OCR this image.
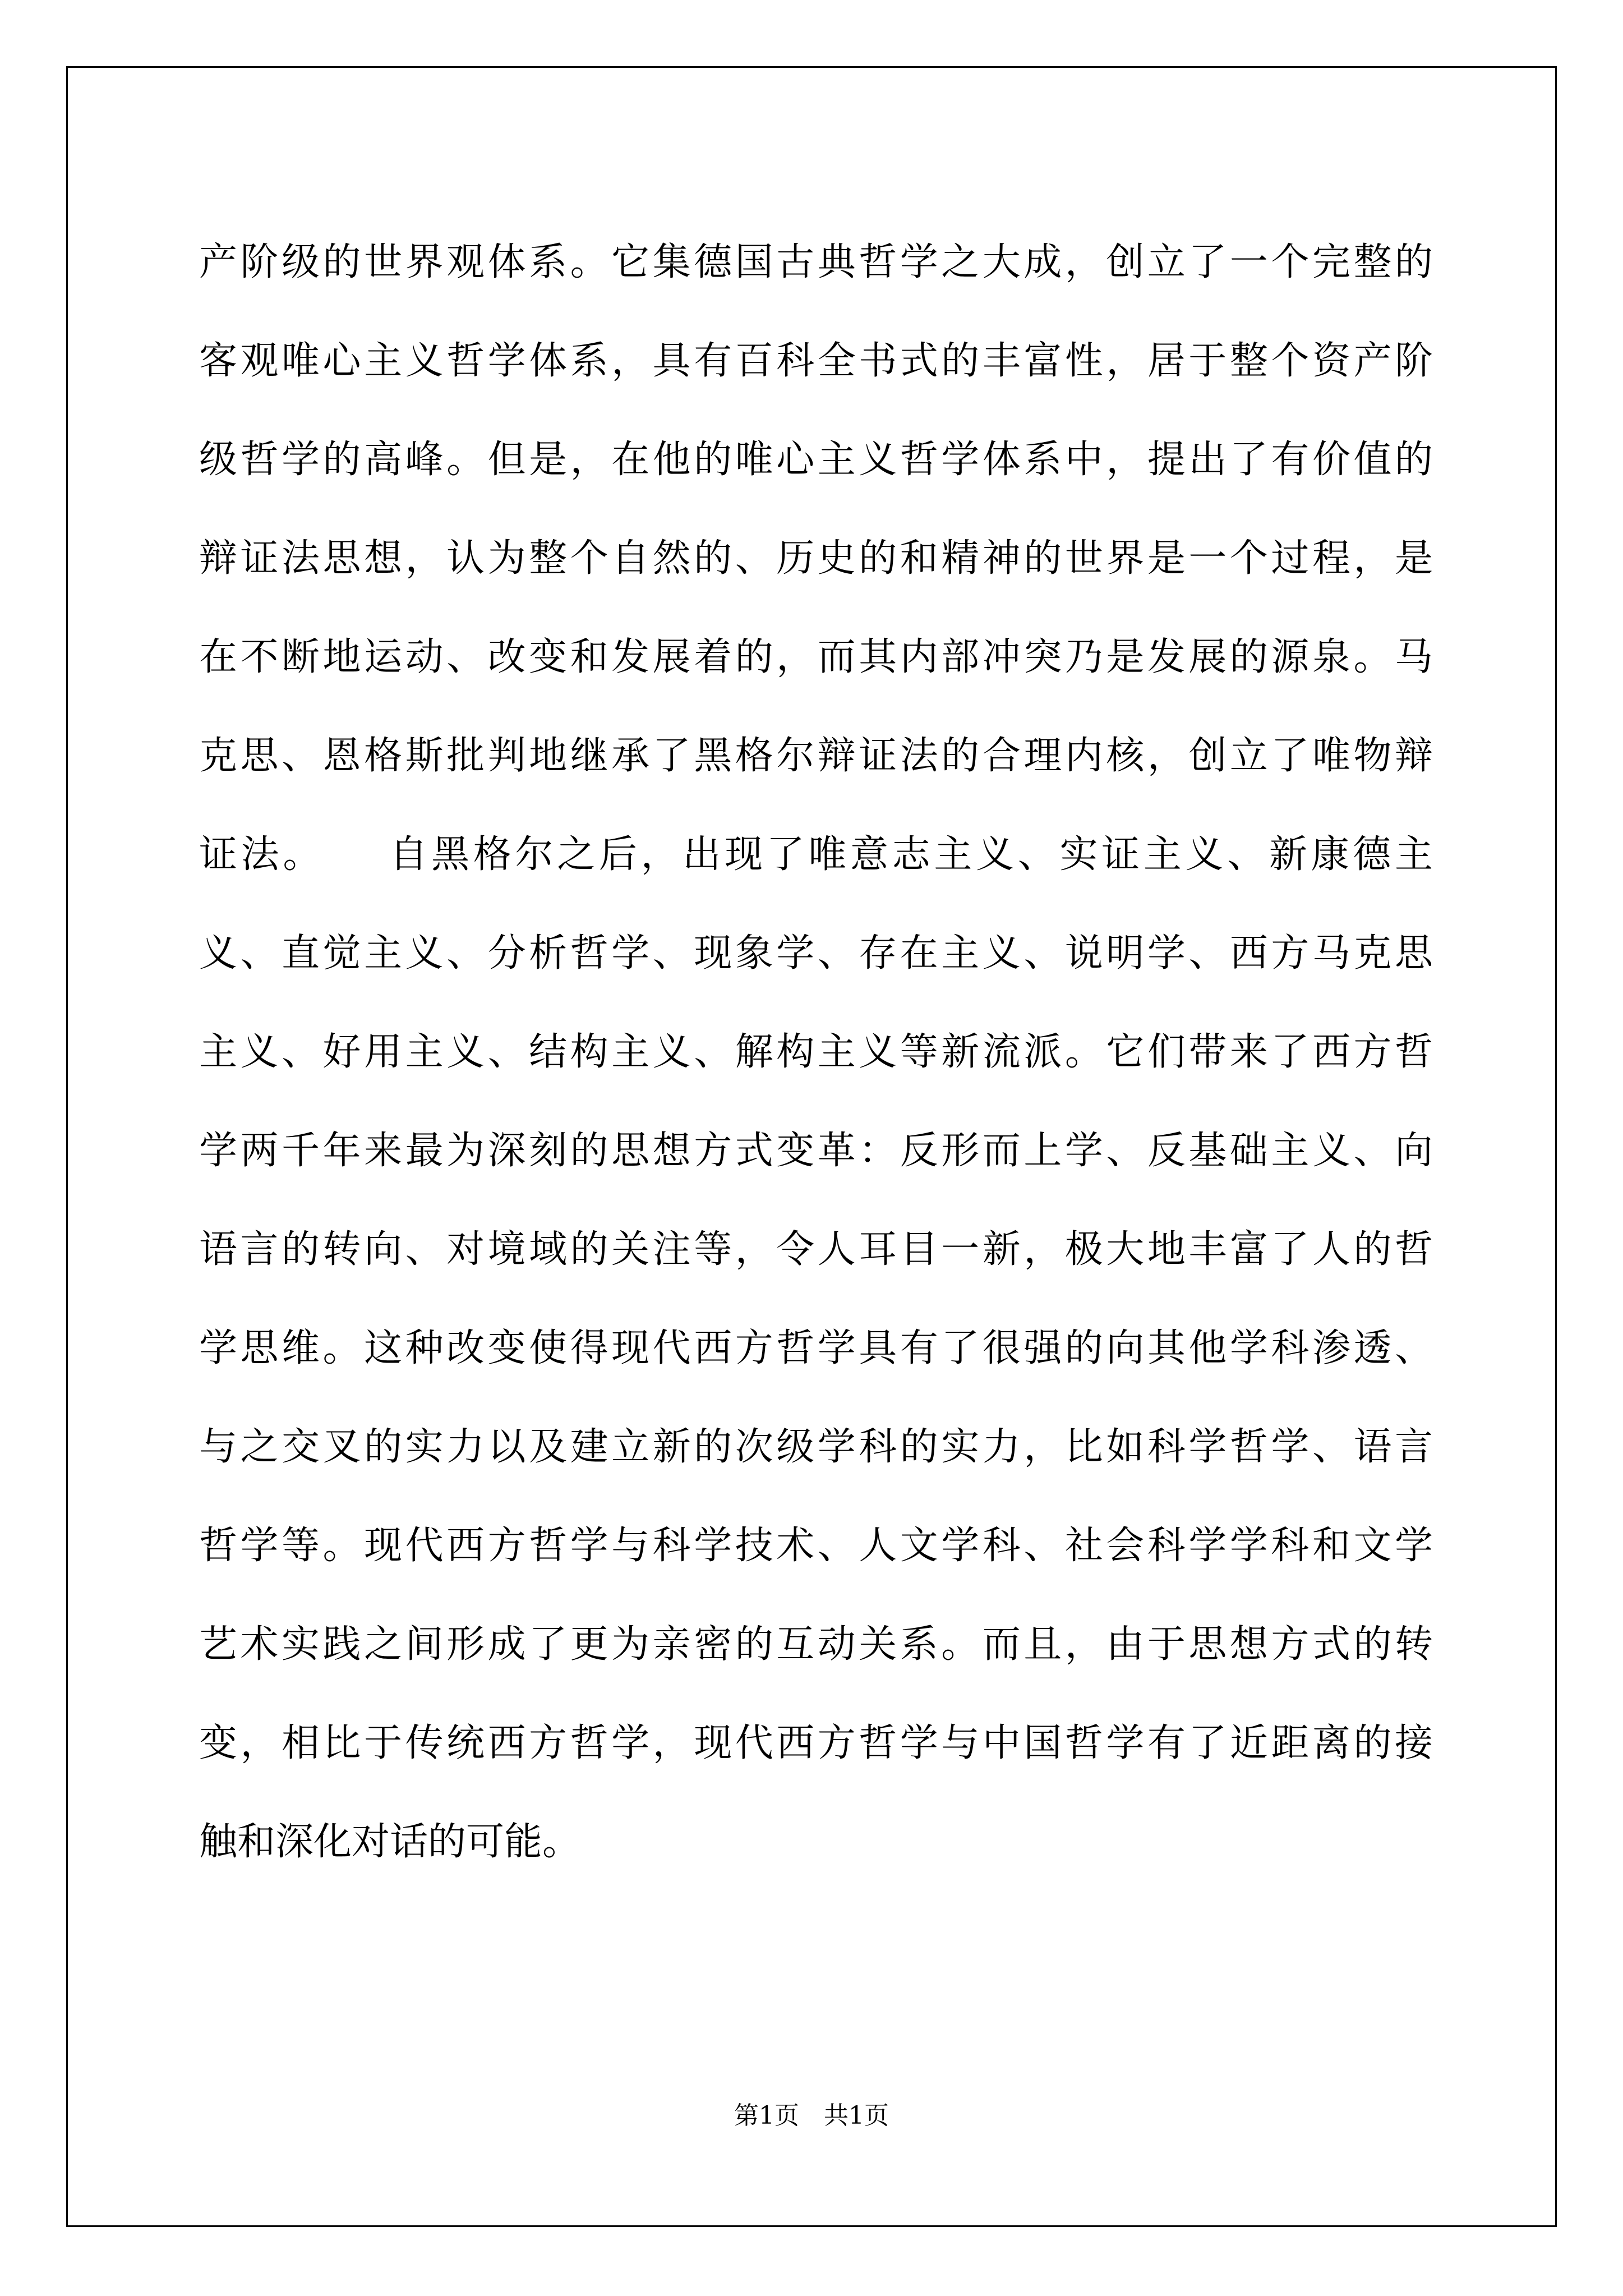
产阶级的世界观体系。它集德国古典哲学之大成，创立了一个完整的
客观唯心主义哲学体系，具有百科全书式的丰富性，居于整个资产阶
级哲学的高峰。但是，在他的唯心主义哲学体系中，提出了有价值的
辩证法思想，认为整个自然的、历史的和精神的世界是一个过程，是
在不断地运动、改变和发展着的，而其内部冲突乃是发展的源泉。马
克思、恩格斯批判地继承了黑格尔辩证法的合理内核，创立了唯物辩
证法。　　自黑格尔之后，出现了唯意志主义、实证主义、新康德主
义、直觉主义、分析哲学、现象学、存在主义、说明学、西方马克思
主义、好用主义、结构主义、解构主义等新流派。它们带来了西方哲
学两千年来最为深刻的思想方式变革：反形而上学、反基础主义、向
语言的转向、对境域的关注等，令人耳目一新，极大地丰富了人的哲
学思维。这种改变使得现代西方哲学具有了很强的向其他学科渗透、
与之交叉的实力以及建立新的次级学科的实力，比如科学哲学、语言
哲学等。现代西方哲学与科学技术、人文学科、社会科学学科和文学
艺术实践之间形成了更为亲密的互动关系。而且，由于思想方式的转
变，相比于传统西方哲学，现代西方哲学与中国哲学有了近距离的接
触和深化对话的可能。
第1页　共1页
